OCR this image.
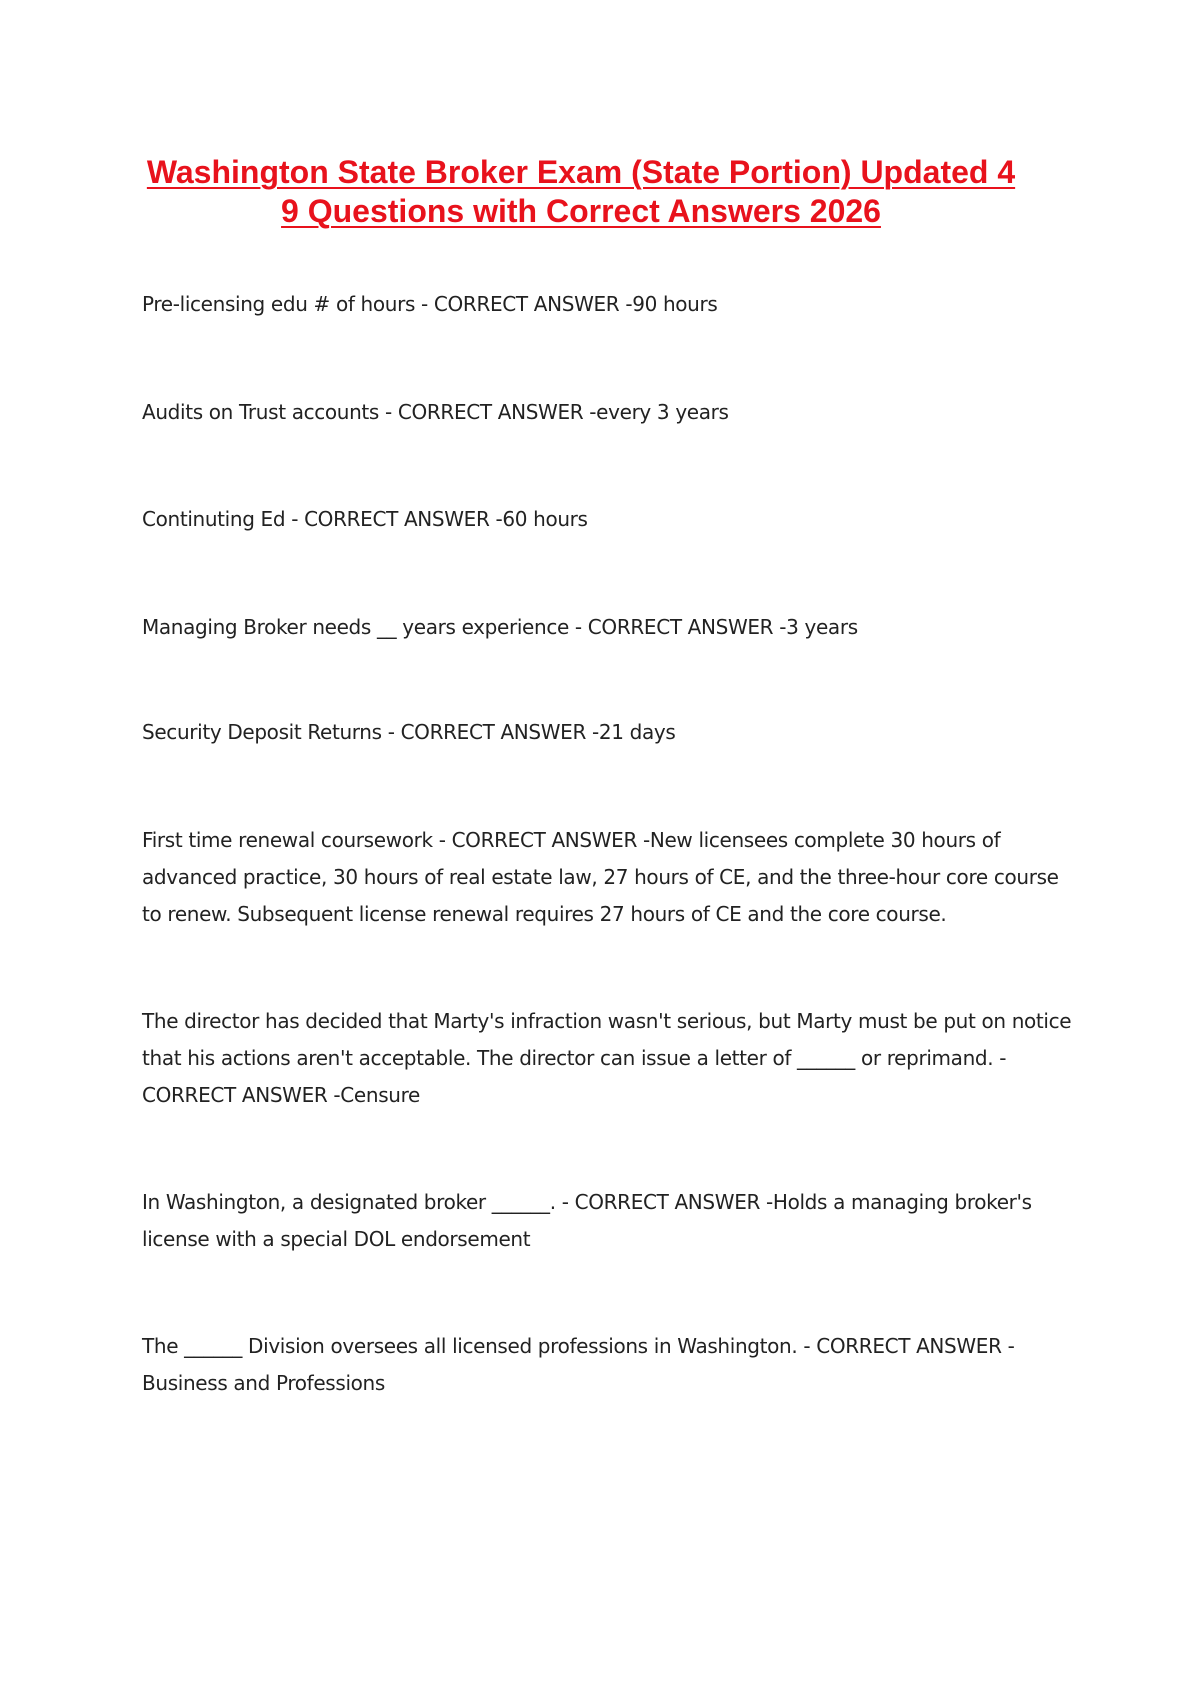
Washington State Broker Exam (State Portion) Updated 4
9 Questions with Correct Answers 2026

Pre-licensing edu # of hours - CORRECT ANSWER -90 hours

Audits on Trust accounts - CORRECT ANSWER -every 3 years

Continuting Ed - CORRECT ANSWER -60 hours

Managing Broker needs __ years experience - CORRECT ANSWER -3 years

Security Deposit Returns - CORRECT ANSWER -21 days

First time renewal coursework - CORRECT ANSWER -New licensees complete 30 hours of advanced practice, 30 hours of real estate law, 27 hours of CE, and the three-hour core course to renew. Subsequent license renewal requires 27 hours of CE and the core course.

The director has decided that Marty's infraction wasn't serious, but Marty must be put on notice that his actions aren't acceptable. The director can issue a letter of ______ or reprimand. - CORRECT ANSWER -Censure

In Washington, a designated broker ______. - CORRECT ANSWER -Holds a managing broker's license with a special DOL endorsement

The ______ Division oversees all licensed professions in Washington. - CORRECT ANSWER - Business and Professions
